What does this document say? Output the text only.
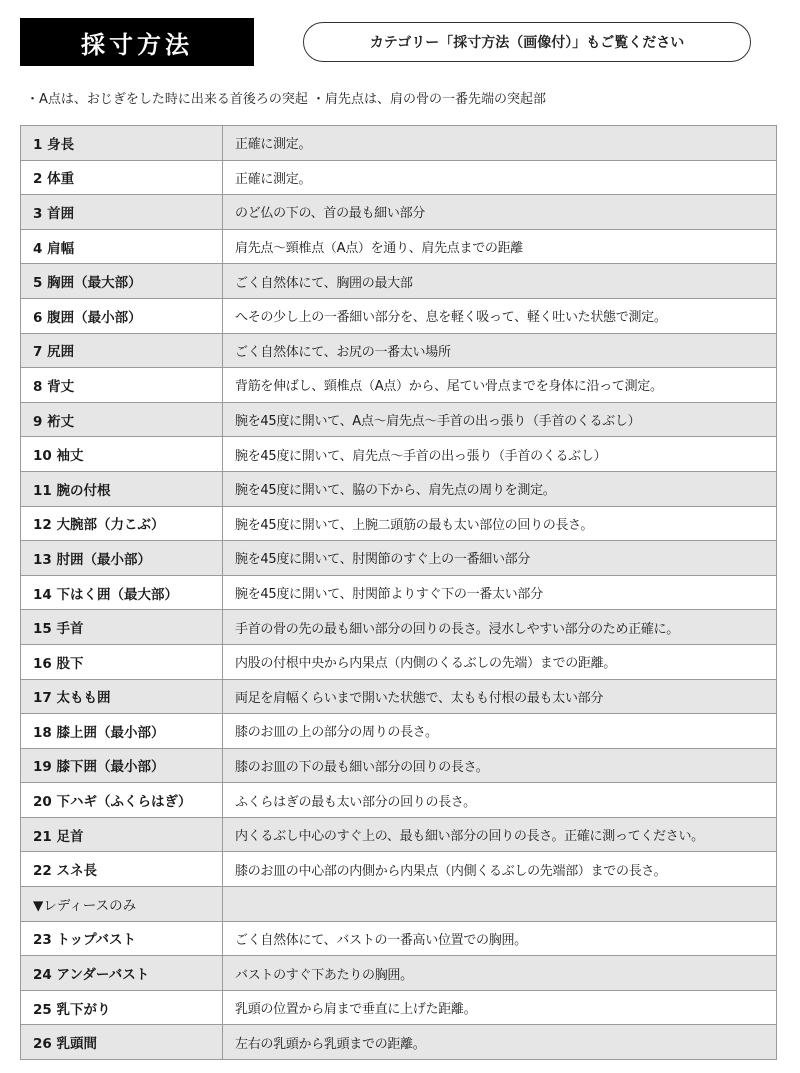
採寸方法	カテゴリー「採寸方法（画像付）」もご覧ください
・A点は、おじぎをした時に出来る首後ろの突起 ・肩先点は、肩の骨の一番先端の突起部
1 身長	正確に測定。
2 体重	正確に測定。
3 首囲	のど仏の下の、首の最も細い部分
4 肩幅	肩先点～頸椎点（A点）を通り、肩先点までの距離
5 胸囲（最大部）	ごく自然体にて、胸囲の最大部
6 腹囲（最小部）	へその少し上の一番細い部分を、息を軽く吸って、軽く吐いた状態で測定。
7 尻囲	ごく自然体にて、お尻の一番太い場所
8 背丈	背筋を伸ばし、頸椎点（A点）から、尾てい骨点までを身体に沿って測定。
9 裄丈	腕を45度に開いて、A点～肩先点～手首の出っ張り（手首のくるぶし）
10 袖丈	腕を45度に開いて、肩先点～手首の出っ張り（手首のくるぶし）
11 腕の付根	腕を45度に開いて、脇の下から、肩先点の周りを測定。
12 大腕部（力こぶ）	腕を45度に開いて、上腕二頭筋の最も太い部位の回りの長さ。
13 肘囲（最小部）	腕を45度に開いて、肘関節のすぐ上の一番細い部分
14 下はく囲（最大部）	腕を45度に開いて、肘関節よりすぐ下の一番太い部分
15 手首	手首の骨の先の最も細い部分の回りの長さ。浸水しやすい部分のため正確に。
16 股下	内股の付根中央から内果点（内側のくるぶしの先端）までの距離。
17 太もも囲	両足を肩幅くらいまで開いた状態で、太もも付根の最も太い部分
18 膝上囲（最小部）	膝のお皿の上の部分の周りの長さ。
19 膝下囲（最小部）	膝のお皿の下の最も細い部分の回りの長さ。
20 下ハギ（ふくらはぎ）	ふくらはぎの最も太い部分の回りの長さ。
21 足首	内くるぶし中心のすぐ上の、最も細い部分の回りの長さ。正確に測ってください。
22 スネ長	膝のお皿の中心部の内側から内果点（内側くるぶしの先端部）までの長さ。
▼レディースのみ	
23 トップバスト	ごく自然体にて、バストの一番高い位置での胸囲。
24 アンダーバスト	バストのすぐ下あたりの胸囲。
25 乳下がり	乳頭の位置から肩まで垂直に上げた距離。
26 乳頭間	左右の乳頭から乳頭までの距離。
